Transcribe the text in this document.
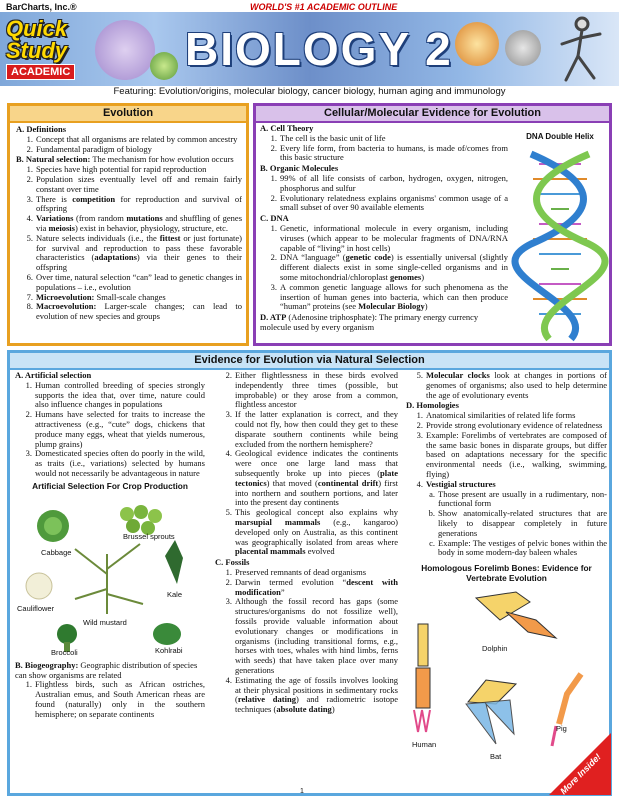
BarCharts, Inc.®	WORLD'S #1 ACADEMIC OUTLINE
Quick
Study
ACADEMIC	BIOLOGY 2
Featuring: Evolution/origins, molecular biology, cancer biology, human aging and immunology
Evolution
A. Definitions
1. Concept that all organisms are related by common ancestry
2. Fundamental paradigm of biology
B. Natural selection: The mechanism for how evolution occurs
1. Species have high potential for rapid reproduction
2. Population sizes eventually level off and remain fairly constant over time
3. There is competition for reproduction and survival of offspring
4. Variations (from random mutations and shuffling of genes via meiosis) exist in behavior, physiology, structure, etc.
5. Nature selects individuals (i.e., the fittest or just fortunate) for survival and reproduction to pass these favorable characteristics (adaptations) via their genes to their offspring
6. Over time, natural selection “can” lead to genetic changes in populations – i.e., evolution
7. Microevolution: Small-scale changes
8. Macroevolution: Larger-scale changes; can lead to evolution of new species and groups
Cellular/Molecular Evidence for Evolution
A. Cell Theory
1. The cell is the basic unit of life
2. Every life form, from bacteria to humans, is made of/comes from this basic structure
B. Organic Molecules
1. 99% of all life consists of carbon, hydrogen, oxygen, nitrogen, phosphorus and sulfur
2. Evolutionary relatedness explains organisms' common usage of a small subset of over 90 available elements
C. DNA
1. Genetic, informational molecule in every organism, including viruses (which appear to be molecular fragments of DNA/RNA capable of “living” in host cells)
2. DNA “language” (genetic code) is essentially universal (slightly different dialects exist in some single-celled organisms and in some mitochondrial/chloroplast genomes)
3. A common genetic language allows for such phenomena as the insertion of human genes into bacteria, which can then produce “human” proteins (see Molecular Biology)
D. ATP (Adenosine triphosphate): The primary energy currency molecule used by every organism
DNA Double Helix
Evidence for Evolution via Natural Selection
A. Artificial selection
1. Human controlled breeding of species strongly supports the idea that, over time, nature could also influence changes in populations
2. Humans have selected for traits to increase the attractiveness (e.g., “cute” dogs, chickens that produce many eggs, wheat that yields numerous, plump grains)
3. Domesticated species often do poorly in the wild, as traits (i.e., variations) selected by humans would not necessarily be advantageous in nature
Artificial Selection For Crop Production
Cabbage
Brussel sprouts
Cauliflower
Kale
Wild mustard
Broccoli	Kohlrabi
B. Biogeography: Geographic distribution of species can show organisms are related
1. Flightless birds, such as African ostriches, Australian emus, and South American rheas are found (naturally) only in the southern hemisphere; on separate continents
2. Either flightlessness in these birds evolved independently three times (possible, but improbable) or they arose from a common, flightless ancestor
3. If the latter explanation is correct, and they could not fly, how then could they get to these disparate southern continents while being excluded from the northern hemisphere?
4. Geological evidence indicates the continents were once one large land mass that subsequently broke up into pieces (plate tectonics) that moved (continental drift) first into northern and southern portions, and later into the present day continents
5. This geological concept also explains why marsupial mammals (e.g., kangaroo) developed only on Australia, as this continent was geographically isolated from areas where placental mammals evolved
C. Fossils
1. Preserved remnants of dead organisms
2. Darwin termed evolution “descent with modification”
3. Although the fossil record has gaps (some structures/organisms do not fossilize well), fossils provide valuable information about evolutionary changes or modifications in organisms (including transitional forms, e.g., horses with toes, whales with hind limbs, ferns with seeds) that have taken place over many generations
4. Estimating the age of fossils involves looking at their physical positions in sedimentary rocks (relative dating) and radiometric isotope techniques (absolute dating)
5. Molecular clocks look at changes in portions of genomes of organisms; also used to help determine the age of evolutionary events
D. Homologies
1. Anatomical similarities of related life forms
2. Provide strong evolutionary evidence of relatedness
3. Example: Forelimbs of vertebrates are composed of the same basic bones in disparate groups, but differ based on adaptations necessary for the specific environmental needs (i.e., walking, swimming, flying)
4. Vestigial structures
a. Those present are usually in a rudimentary, non-functional form
b. Show anatomically-related structures that are likely to disappear completely in future generations
c. Example: The vestiges of pelvic bones within the body in some modern-day baleen whales
Homologous Forelimb Bones: Evidence for Vertebrate Evolution
Dolphin
Human
Pig
Bat	More Inside!
1
